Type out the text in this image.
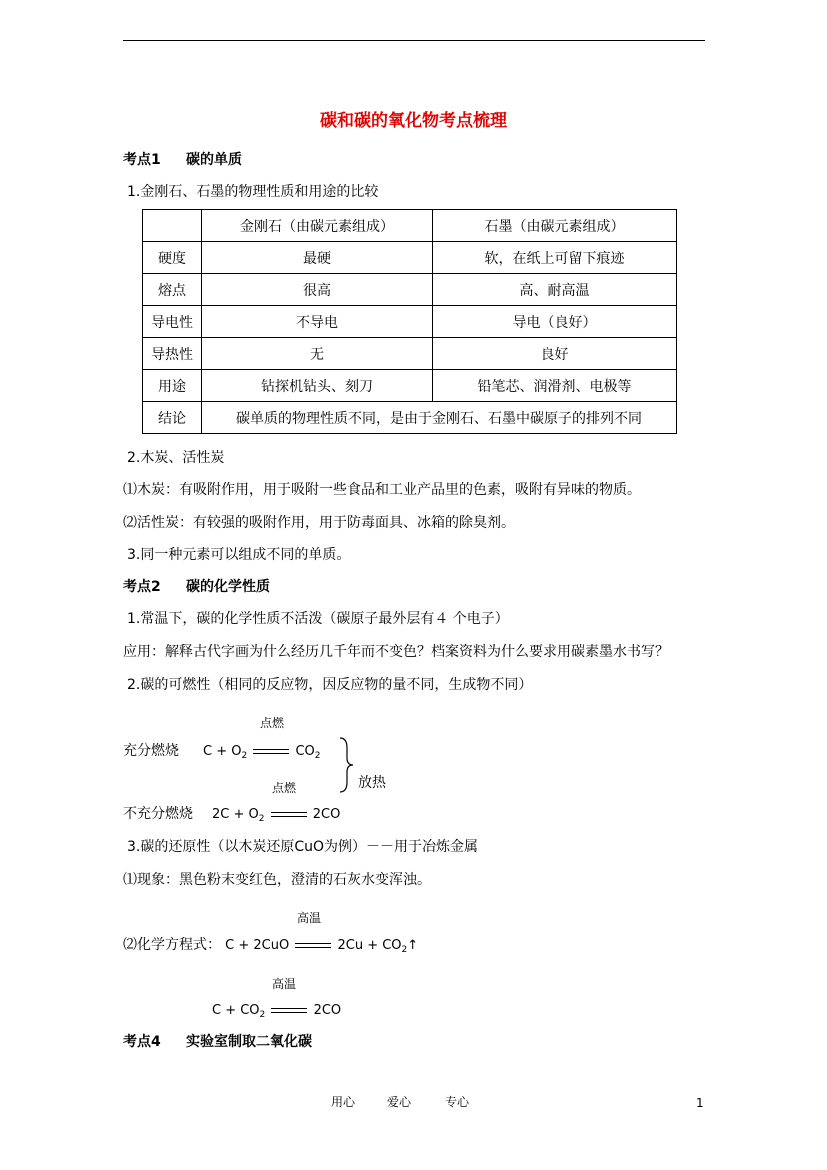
碳和碳的氧化物考点梳理
考点1 碳的单质
1.金刚石、石墨的物理性质和用途的比较
	金刚石（由碳元素组成）	石墨（由碳元素组成）
硬度	最硬	软，在纸上可留下痕迹
熔点	很高	高、耐高温
导电性	不导电	导电（良好）
导热性	无	良好
用途	钻探机钻头、刻刀	铅笔芯、润滑剂、电极等
结论	碳单质的物理性质不同，是由于金刚石、石墨中碳原子的排列不同	
2.木炭、活性炭
⑴木炭：有吸附作用，用于吸附一些食品和工业产品里的色素，吸附有异味的物质。
⑵活性炭：有较强的吸附作用，用于防毒面具、冰箱的除臭剂。
3.同一种元素可以组成不同的单质。
考点2 碳的化学性质
1.常温下，碳的化学性质不活泼（碳原子最外层有４ 个电子）
应用：解释古代字画为什么经历几千年而不变色？档案资料为什么要求用碳素墨水书写？
2.碳的可燃性（相同的反应物，因反应物的量不同，生成物不同）
点燃
充分燃烧 $C + O_2$	$CO_2$
放热
点燃
不充分燃烧 $2C + O_2$	2CO
3.碳的还原性（以木炭还原CuO为例）－－用于冶炼金属
⑴现象：黑色粉末变红色，澄清的石灰水变浑浊。
高温
⑵化学方程式： C + 2CuO	$2Cu + CO_2↑$
高温
$C + CO_2$	2CO
考点4 实验室制取二氧化碳
用心	爱心	专心	1
